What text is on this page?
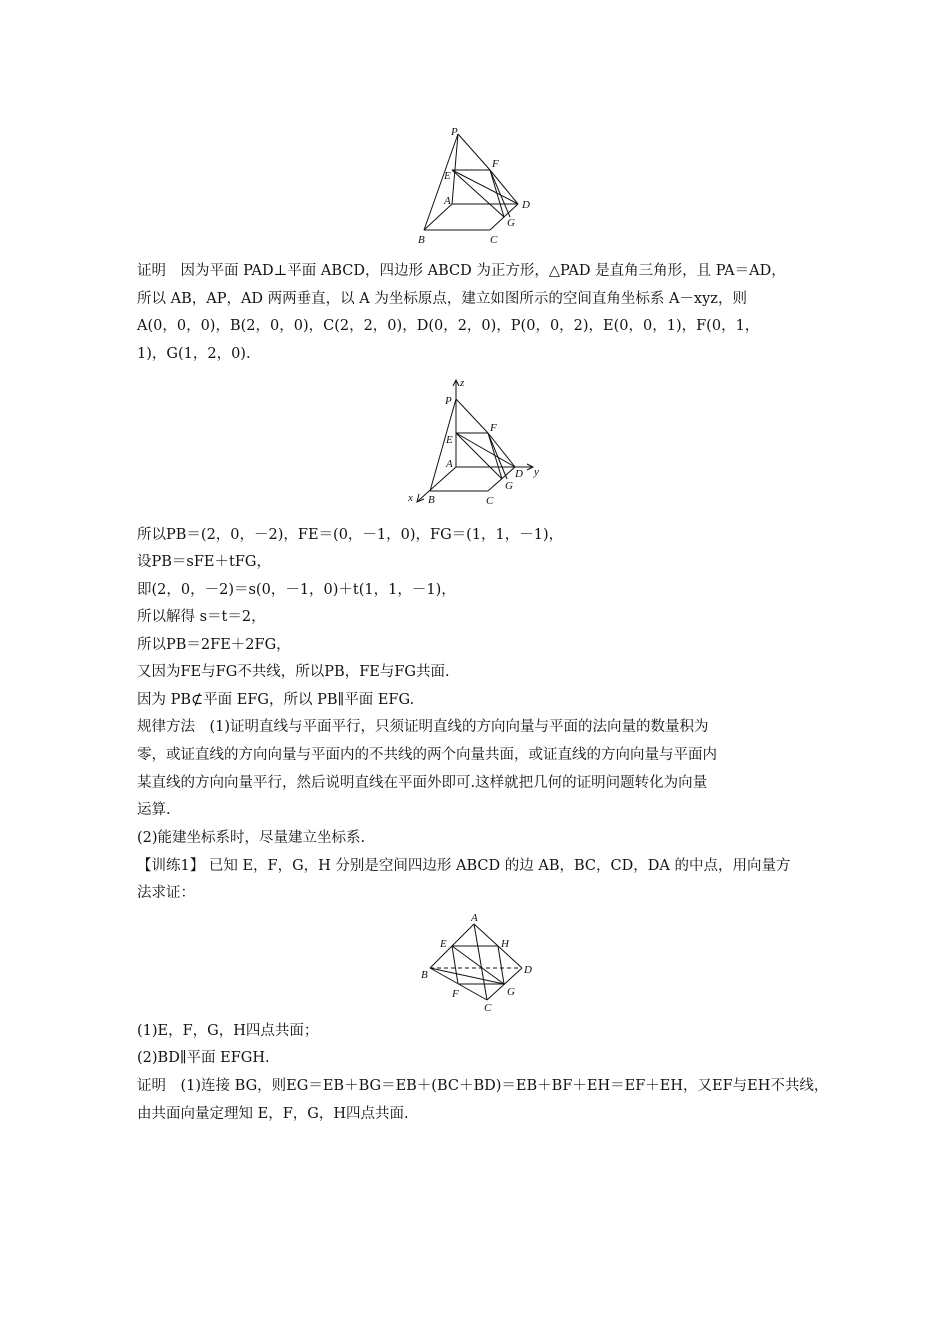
P
F
E
A	D
G
B	C
证明　因为平面 PAD⊥平面 ABCD，四边形 ABCD 为正方形，△PAD 是直角三角形，且 PA＝AD，
所以 AB，AP，AD 两两垂直，以 A 为坐标原点，建立如图所示的空间直角坐标系 A－xyz，则
A(0，0，0)，B(2，0，0)，C(2，2，0)，D(0，2，0)，P(0，0，2)，E(0，0，1)，F(0，1，
1)，G(1，2，0).
z
P
F
E
A
D y
G
x B	C
所以PB＝(2，0，－2)，FE＝(0，－1，0)，FG＝(1，1，－1)，
设PB＝sFE＋tFG，
即(2，0，－2)＝s(0，－1，0)＋t(1，1，－1)，
所以解得 s＝t＝2，
所以PB＝2FE＋2FG，
又因为FE与FG不共线，所以PB，FE与FG共面.
因为 PB⊄平面 EFG，所以 PB∥平面 EFG.
规律方法　(1)证明直线与平面平行，只须证明直线的方向向量与平面的法向量的数量积为
零，或证直线的方向向量与平面内的不共线的两个向量共面，或证直线的方向向量与平面内
某直线的方向向量平行，然后说明直线在平面外即可.这样就把几何的证明问题转化为向量
运算.
(2)能建坐标系时，尽量建立坐标系.
【训练1】 已知 E，F，G，H 分别是空间四边形 ABCD 的边 AB，BC，CD，DA 的中点，用向量方
法求证：
A
E	H
B	D
F	G
C
(1)E，F，G，H四点共面；
(2)BD∥平面 EFGH.
证明　(1)连接 BG，则EG＝EB＋BG＝EB＋(BC＋BD)＝EB＋BF＋EH＝EF＋EH，又EF与EH不共线，
由共面向量定理知 E，F，G，H四点共面.
